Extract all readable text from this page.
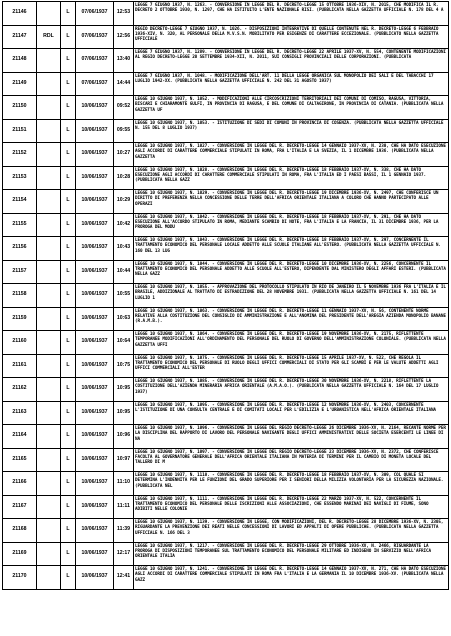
21146		L	07/06/1937	12:53	LEGGE 7 GIUGNO 1937, N. 1263. - CONVERSIONE IN LEGGE DEL R. DECRETO-LEGGE 15 OTTOBRE 1936-XIV, N. 2015, CHE MODIFICA IL R. DECRETO 2 OTTOBRE 1930, N. 1297, CHE HA ISTITUITO L'ENTE NAZIONALE RISI. (PUBBLICATA NELLA GAZZETTA UFFICIALE N. 178 DEL 4 A
21147	RDL	L	07/06/1937	12:56	REGIO DECRETO-LEGGE 7 GIUGNO 1937, N. 1026. - DISPOSIZIONI INTEGRATIVE DI QUELLE CONTENUTE NEL R. DECRETO-LEGGE 6 FEBBRAIO 1936-XIV, N. 320, AL PERSONALE DELLA M.V.S.N. MOBILITATO PER ESIGENZE DI CARATTERE ECCEZIONALE. (PUBBLICATO NELLA GAZZETTA UFFICIALE
21148		L	07/06/1937	13:40	LEGGE 7 GIUGNO 1937, N. 1289. - CONVERSIONE IN LEGGE DEL R. DECRETO-LEGGE 22 APRILE 1937-XV, N. 554, CONTENENTE MODIFICAZIONI AL REGIO DECRETO-LEGGE 20 SETTEMBRE 1934-XII, N. 2011, SUI CONSIGLI PROVINCIALI DELLE CORPORAZIONI. (PUBBLICATA
21149		L	07/06/1937	14:44	LEGGE 7 GIUGNO 1937, N. 1048. - MODIFICAZIONE DELL'ART. 11 DELLA LEGGE ORGANICA SUL MONOPOLIO DEI SALI E DEL TABACCHI 17 LUGLIO 1942-XX. (PUBBLICATA NELLA GAZZETTA UFFICIALE N. 242 DEL 31 AGOSTO 1937)
21150		L	10/06/1937	09:52	LEGGE 10 GIUGNO 1937, N. 1052. - MODIFICAZIONI ALLE CIRCOSCRIZIONI TERRITORIALI DEI COMUNI DI COMISO, RAGUSA, VITTORIA, BISCARI E CHIARAMONTE GULFI, IN PROVINCIA DI RAGUSA, E DEL COMUNE DI CALTAGIRONE, IN PROVINCIA DI CATANIA. (PUBBLICATA NELLA GAZZETTA UF
21151		L	10/06/1937	09:55	LEGGE 10 GIUGNO 1937, N. 1053. - ISTITUZIONE DI SEDI DI COMUNI IN PROVINCIA DI COSENZA. (PUBBLICATA NELLA GAZZETTA UFFICIALE N. 155 DEL 8 LUGLIO 1937)
21152		L	10/06/1937	10:27	LEGGE 10 GIUGNO 1937, N. 1027. - CONVERSIONE IN LEGGE DEL R. DECRETO-LEGGE 14 GENNAIO 1937-XV, N. 230, CHE HA DATO ESECUZIONE AGLI ACCORDI DI CARATTERE COMMERCIALE STIPULATI IN ROMA, FRA L'ITALIA E LA SVEZIA, IL 1 DICEMBRE 1936. (PUBBLICATA NELLA GAZZETTA
21153		L	10/06/1937	10:28	LEGGE 10 GIUGNO 1937, N. 1028. - CONVERSIONE IN LEGGE DEL R. DECRETO-LEGGE 18 FEBBRAIO 1937-XV, N. 338, CHE HA DATO ESECUZIONE AGLI ACCORDI DI CARATTERE COMMERCIALE STIPULATI IN ROMA, FRA L'ITALIA ED I PAESI BASSI, IL 1 GENNAIO 1937. (PUBBLICATA NELLA GAZZ
21154		L	10/06/1937	10:29	LEGGE 10 GIUGNO 1937, N. 1029. - CONVERSIONE IN LEGGE DEL R. DECRETO-LEGGE 19 DICEMBRE 1936-XV, N. 2497, CHE CONFERISCE UN DIRITTO DI PREFERENZA NELLA CONCESSIONE DELLE TERRE DELL'AFRICA ORIENTALE ITALIANA A COLORO CHE HANNO PARTECIPATO ALLE OPERAZI
21155		L	10/06/1937	10:42	LEGGE 10 GIUGNO 1937, N. 1042. - CONVERSIONE IN LEGGE DEL R. DECRETO-LEGGE 18 FEBBRAIO 1937-XV, N. 291, CHE HA DATO ESECUZIONE ALL'ACCORDO STIPULATO IN ROMA, MEDIANTE SCAMBIO DI NOTE, FRA L'ITALIA E LA FRANCIA, IL 31 DICEMBRE 1936, PER LA PROROGA DEL MODU
21156		L	10/06/1937	10:43	LEGGE 10 GIUGNO 1937, N. 1043. - CONVERSIONE IN LEGGE DEL R. DECRETO-LEGGE 18 FEBBRAIO 1937-XV, N. 297, CONCERNENTE IL TRATTAMENTO ECONOMICO DEL PERSONALE LOCALE ADDETTO ALLE SCUOLE ITALIANE ALL'ESTERO. (PUBBLICATA NELLA GAZZETTA UFFICIALE N. 160 DEL 13 LUG
21157		L	10/06/1937	10:44	LEGGE 10 GIUGNO 1937, N. 1044. - CONVERSIONE IN LEGGE DEL R. DECRETO-LEGGE 10 DICEMBRE 1936-XV, N. 2256, CONCERNENTE IL TRATTAMENTO ECONOMICO DEL PERSONALE ADDETTO ALLE SCUOLE ALL'ESTERO, DIPENDENTE DAL MINISTERO DEGLI AFFARI ESTERI. (PUBBLICATA NELLA GAZZ
21158		L	10/06/1937	10:55	LEGGE 10 GIUGNO 1937, N. 1055. - APPROVAZIONE DEL PROTOCOLLO STIPULATO IN RIO DE JANEIRO IL 5 NOVEMBRE 1936 FRA L'ITALIA E IL BRASILE, ADDIZIONALE AL TRATTATO DI ESTRADIZIONE DEL 28 NOVEMBRE 1931. (PUBBLICATA NELLA GAZZETTA UFFICIALE N. 161 DEL 14 LUGLIO 1
21159		L	10/06/1937	10:63	LEGGE 10 GIUGNO 1937, N. 1063. - CONVERSIONE IN LEGGE DEL R. DECRETO-LEGGE 11 GENNAIO 1937-XV, N. 56, CONTENENTE NORME RELATIVE ALLA COSTITUZIONE DEL CONSIGLIO DI AMMINISTRAZIONE E ALL'ANOMINA DEL PRESIDENTE DELL'AREGIA AZIENDA MONOPOLIO BANANE (R.A.M.B.).
21160		L	10/06/1937	10:64	LEGGE 10 GIUGNO 1937, N. 1064. - CONVERSIONE IN LEGGE DEL R. DECRETO-LEGGE 19 NOVEMBRE 1936-XV, N. 2175, RIFLETTENTE TEMPORANEE MODIFICAZIONI ALL'ORDINAMENTO DEL PERSONALE DEL RUOLO DI GOVERNO DELL'AMMINISTRAZIONE COLONIALE. (PUBBLICATA NELLA GAZZETTA UFFI
21161		L	10/06/1937	10:75	LEGGE 10 GIUGNO 1937, N. 1075. - CONVERSIONE IN LEGGE DEL R. DECRETO-LEGGE 15 APRILE 1937-XV, N. 522, CHE REGOLA IL TRATTAMENTO ECONOMICO DEL PERSONALE DI RUOLO DEGLI UFFICI COMMERCIALI DI STATO PER GLI SCAMBI E PER LE VALUTE ADDETTI AGLI UFFICI COMMERCIALI ALL'ESTER
21162		L	10/06/1937	10:95	LEGGE 10 GIUGNO 1937, N. 1085. - CONVERSIONE IN LEGGE DEL R. DECRETO-LEGGE 30 NOVEMBRE 1936-XV, N. 2218, RIFLETTENTE LA COSTITUZIONE DELL'AZIENDA MINERARIA AFRICA ORIENTALE (A.M.A.O.). (PUBBLICATA NELLA GAZZETTA UFFICIALE N. 164 DEL 17 LUGLIO 1937)
21163		L	10/06/1937	10:95	LEGGE 10 GIUGNO 1937, N. 1095. - CONVERSIONE IN LEGGE DEL R. DECRETO-LEGGE 12 NOVEMBRE 1936-XV, N. 2403, CONCERNENTE L'ISTITUZIONE DI UNA CONSULTA CENTRALE E DI COMITATI LOCALI PER L'EDILIZIA E L'URBANISTICA NELL'AFRICA ORIENTALE ITALIANA
21164		L	10/06/1937	10:96	LEGGE 10 GIUGNO 1937, N. 1096. - CONVERSIONE IN LEGGE DEL REGIO DECRETO-LEGGE 26 DICEMBRE 1936-XV, N. 2164, RECANTE NORME PER LA DISCIPLINA DEL RAPPORTO DI LAVORO DEL PERSONALE NAVIGANTE DEGLI UFFICI AMMINISTRATIVI DELLE SOCIETA ESERCENTI LE LINEE DI NA
21165		L	10/06/1937	10:97	LEGGE 10 GIUGNO 1937, N. 1097. - CONVERSIONE IN LEGGE DEL REGIO DECRETO-LEGGE 23 DICEMBRE 1936-XV, N. 2372, CHE CONFERISCE FACOLTA AL GOVERNATORE GENERALE DELL'AFRICA ORIENTALE ITALIANA IN MATERIA DI TERMINI PER IL CAMBIO DI MONETA LOCALE DEL TALLERO DI M
21166		L	10/06/1937	11:10	LEGGE 10 GIUGNO 1937, N. 1110. - CONVERSIONE IN LEGGE DEL R. DECRETO-LEGGE 18 FEBBRAIO 1937-XV, N. 309, COL QUALE SI DETERMINA L'INDENNITA PER LE FUNZIONI DEL GRADO SUPERIORE PER I SENIORI DELLA MILIZIA VOLONTARIA PER LA SICUREZZA NAZIONALE. (PUBBLICATA NEL
21167		L	10/06/1937	11:11	LEGGE 10 GIUGNO 1937, N. 1111. - CONVERSIONE IN LEGGE DEL R. DECRETO-LEGGE 22 MARZO 1937-XV, N. 522, CONCERNENTE IL TRATTAMENTO ECONOMICO DEL PERSONALE DELLE ISCRIZIONI ALLE ASSOCIAZIONI, CHE ESSENDO MARINAI DEI NAVIGLI DI FIUME, SONO ADIBITI NELLE COLONIE
21168		L	10/06/1937	11:39	LEGGE 10 GIUGNO 1937, N. 1139. - CONVERSIONE IN LEGGE, CON MODIFICAZIONI, DEL R. DECRETO-LEGGE 28 DICEMBRE 1936-XV, N. 2305, RIGUARDANTE LA PREVENZIONE DEI REATI NELLE CONCESSIONI DI LAVORI ED APPALTI DI OPERE PUBBLICHE. (PUBBLICATA NELLA GAZZETTA UFFICIALE N. 166 DEL 3
21169		L	10/06/1937	12:17	LEGGE 10 GIUGNO 1937, N. 1217. - CONVERSIONE IN LEGGE DEL R. DECRETO-LEGGE 29 OTTOBRE 1936-XV, N. 2466, RIGUARDANTE LA PROROGA DI DISPOSIZIONI TEMPORANEE SUL TRATTAMENTO ECONOMICO DEL PERSONALE MILITARE ED INDIGENO IN SERVIZIO NELL'AFRICA ORIENTALE ITALIA
21170		L	10/06/1937	12:41	LEGGE 10 GIUGNO 1937, N. 1241. - CONVERSIONE IN LEGGE DEL R. DECRETO-LEGGE 14 GENNAIO 1937-XV, N. 271, CHE HA DATO ESECUZIONE AGLI ACCORDI DI CARATTERE COMMERCIALE STIPULATI IN ROMA FRA L'ITALIA E LA GERMANIA IL 10 DICEMBRE 1936-XV. (PUBBLICATA NELLA GAZZ
